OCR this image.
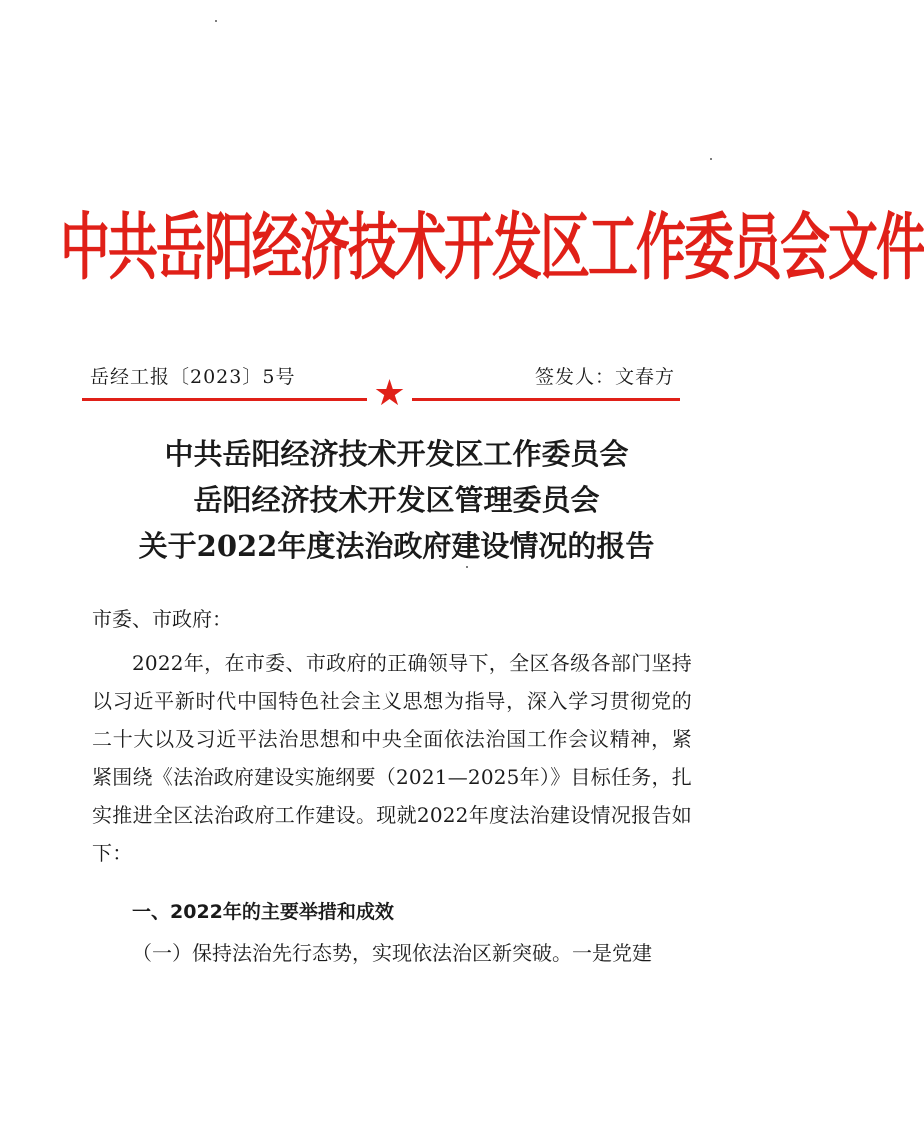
中共岳阳经济技术开发区工作委员会文件
岳经工报〔2023〕5号	签发人：文春方
★
中共岳阳经济技术开发区工作委员会
岳阳经济技术开发区管理委员会
关于2022年度法治政府建设情况的报告
市委、市政府：
2022年，在市委、市政府的正确领导下，全区各级各部门坚持以习近平新时代中国特色社会主义思想为指导，深入学习贯彻党的二十大以及习近平法治思想和中央全面依法治国工作会议精神，紧紧围绕《法治政府建设实施纲要（2021—2025年）》目标任务，扎实推进全区法治政府工作建设。现就2022年度法治建设情况报告如下：
一、2022年的主要举措和成效
（一）保持法治先行态势，实现依法治区新突破。一是党建
